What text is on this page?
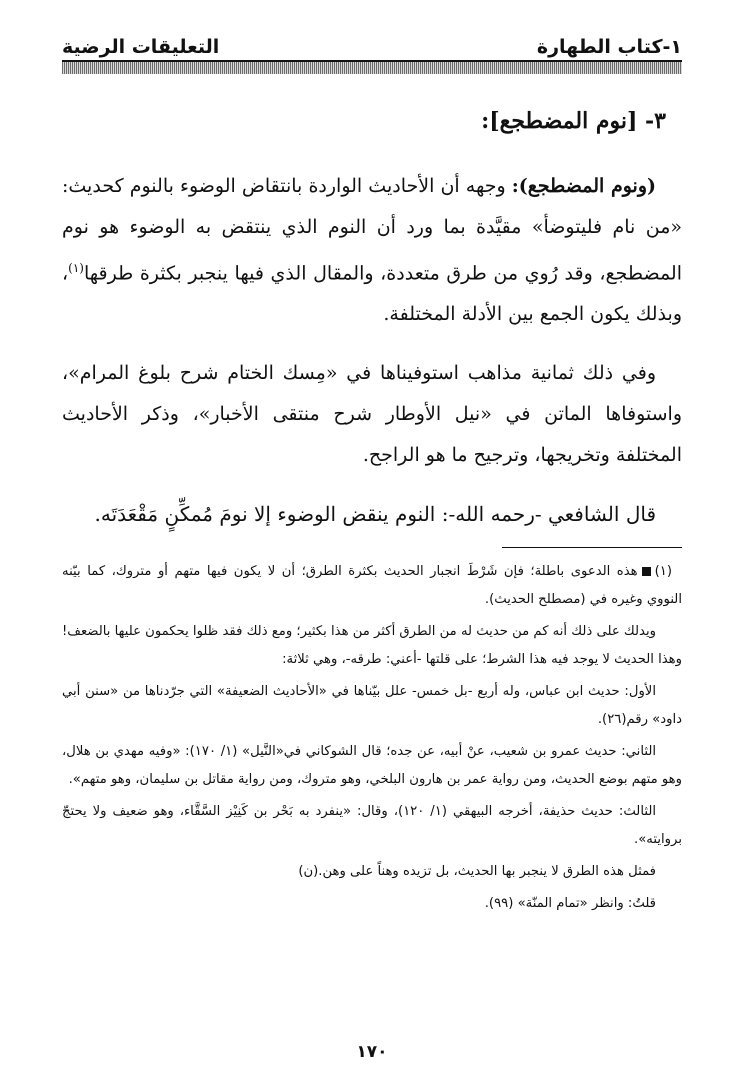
١-كتاب الطهارة
التعليقات الرضية
٣- [نوم المضطجع]:

(ونوم المضطجع): وجهه أن الأحاديث الواردة بانتقاض الوضوء بالنوم كحديث: «من نام فليتوضأ» مقيَّدة بما ورد أن النوم الذي ينتقض به الوضوء هو نوم المضطجع، وقد رُوي من طرق متعددة، والمقال الذي فيها ينجبر بكثرة طرقها$^{(١)}$، وبذلك يكون الجمع بين الأدلة المختلفة.

وفي ذلك ثمانية مذاهب استوفيناها في «مِسك الختام شرح بلوغ المرام»، واستوفاها الماتن في «نيل الأوطار شرح منتقى الأخبار»، وذكر الأحاديث المختلفة وتخريجها، وترجيح ما هو الراجح.

قال الشافعي -رحمه الله-: النوم ينقض الوضوء إلا نومَ مُمكِّنٍ مَقْعَدَتَه.

(١)هذه الدعوى باطلة؛ فإن شَرْطَ انجبار الحديث بكثرة الطرق؛ أن لا يكون فيها متهم أو متروك، كما بيّنه النووي وغيره في (مصطلح الحديث).

ويدلك على ذلك أنه كم من حديث له من الطرق أكثر من هذا بكثير؛ ومع ذلك فقد ظلوا يحكمون عليها بالضعف! وهذا الحديث لا يوجد فيه هذا الشرط؛ على قلتها -أعني: طرقه-، وهي ثلاثة:

الأول: حديث ابن عباس، وله أربع -بل خمس- علل بيّناها في «الأحاديث الضعيفة» التي جرّدناها من «سنن أبي داود» رقم(٢٦).

الثاني: حديث عمرو بن شعيب، عنْ أبيه، عن جده؛ قال الشوكاني في«النَّيل» (١/ ١٧٠): «وفيه مهدي بن هلال، وهو متهم بوضع الحديث، ومن رواية عمر بن هارون البلخي، وهو متروك، ومن رواية مقاتل بن سليمان، وهو متهم».

الثالث: حديث حذيفة، أخرجه البيهقي (١/ ١٢٠)، وقال: «ينفرد به بَحْر بن كَنِيْز السَّقَّاء، وهو ضعيف ولا يحتجّ بروايته».

فمثل هذه الطرق لا ينجبر بها الحديث، بل تزيده وهناً على وهن.(ن)

قلتُ: وانظر «تمام المنّة» (٩٩).

١٧٠
